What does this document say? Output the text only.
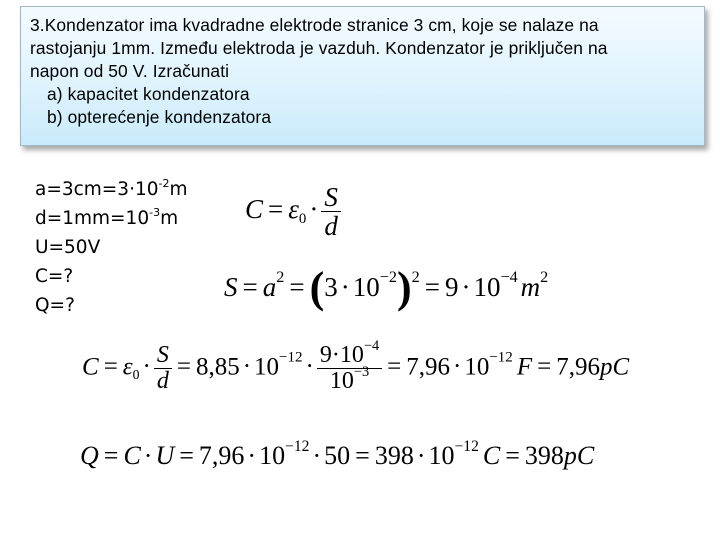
3.Kondenzator ima kvadradne elektrode stranice 3 cm, koje se nalaze na
rastojanju 1mm. Između elektroda je vazduh. Kondenzator je priključen na
napon od 50 V. Izračunati
a) kapacitet kondenzatora
b) opterećenje kondenzatora
$a=3cm=3\cdot 10^{-2}m$
$d=1mm=10^{-3}m$
U=50V
C=?
Q=?
$C = \varepsilon_0 \cdot \frac{S}{d}$
$S = a^2 = (3 \cdot 10^{-2})^2 = 9 \cdot 10^{-4}$ $m^2$
$C = \varepsilon_0 \cdot \frac{S}{d} = 8,85 \cdot 10^{-12} \cdot \frac{9\cdot 10^{-4}}{10^{-3}} = 7,96 \cdot 10^{-12}$ F = 7,96pC
$Q = C \cdot U = 7,96 \cdot 10^{-12} \cdot 50 = 398 \cdot 10^{-12}$ C = 398pC
